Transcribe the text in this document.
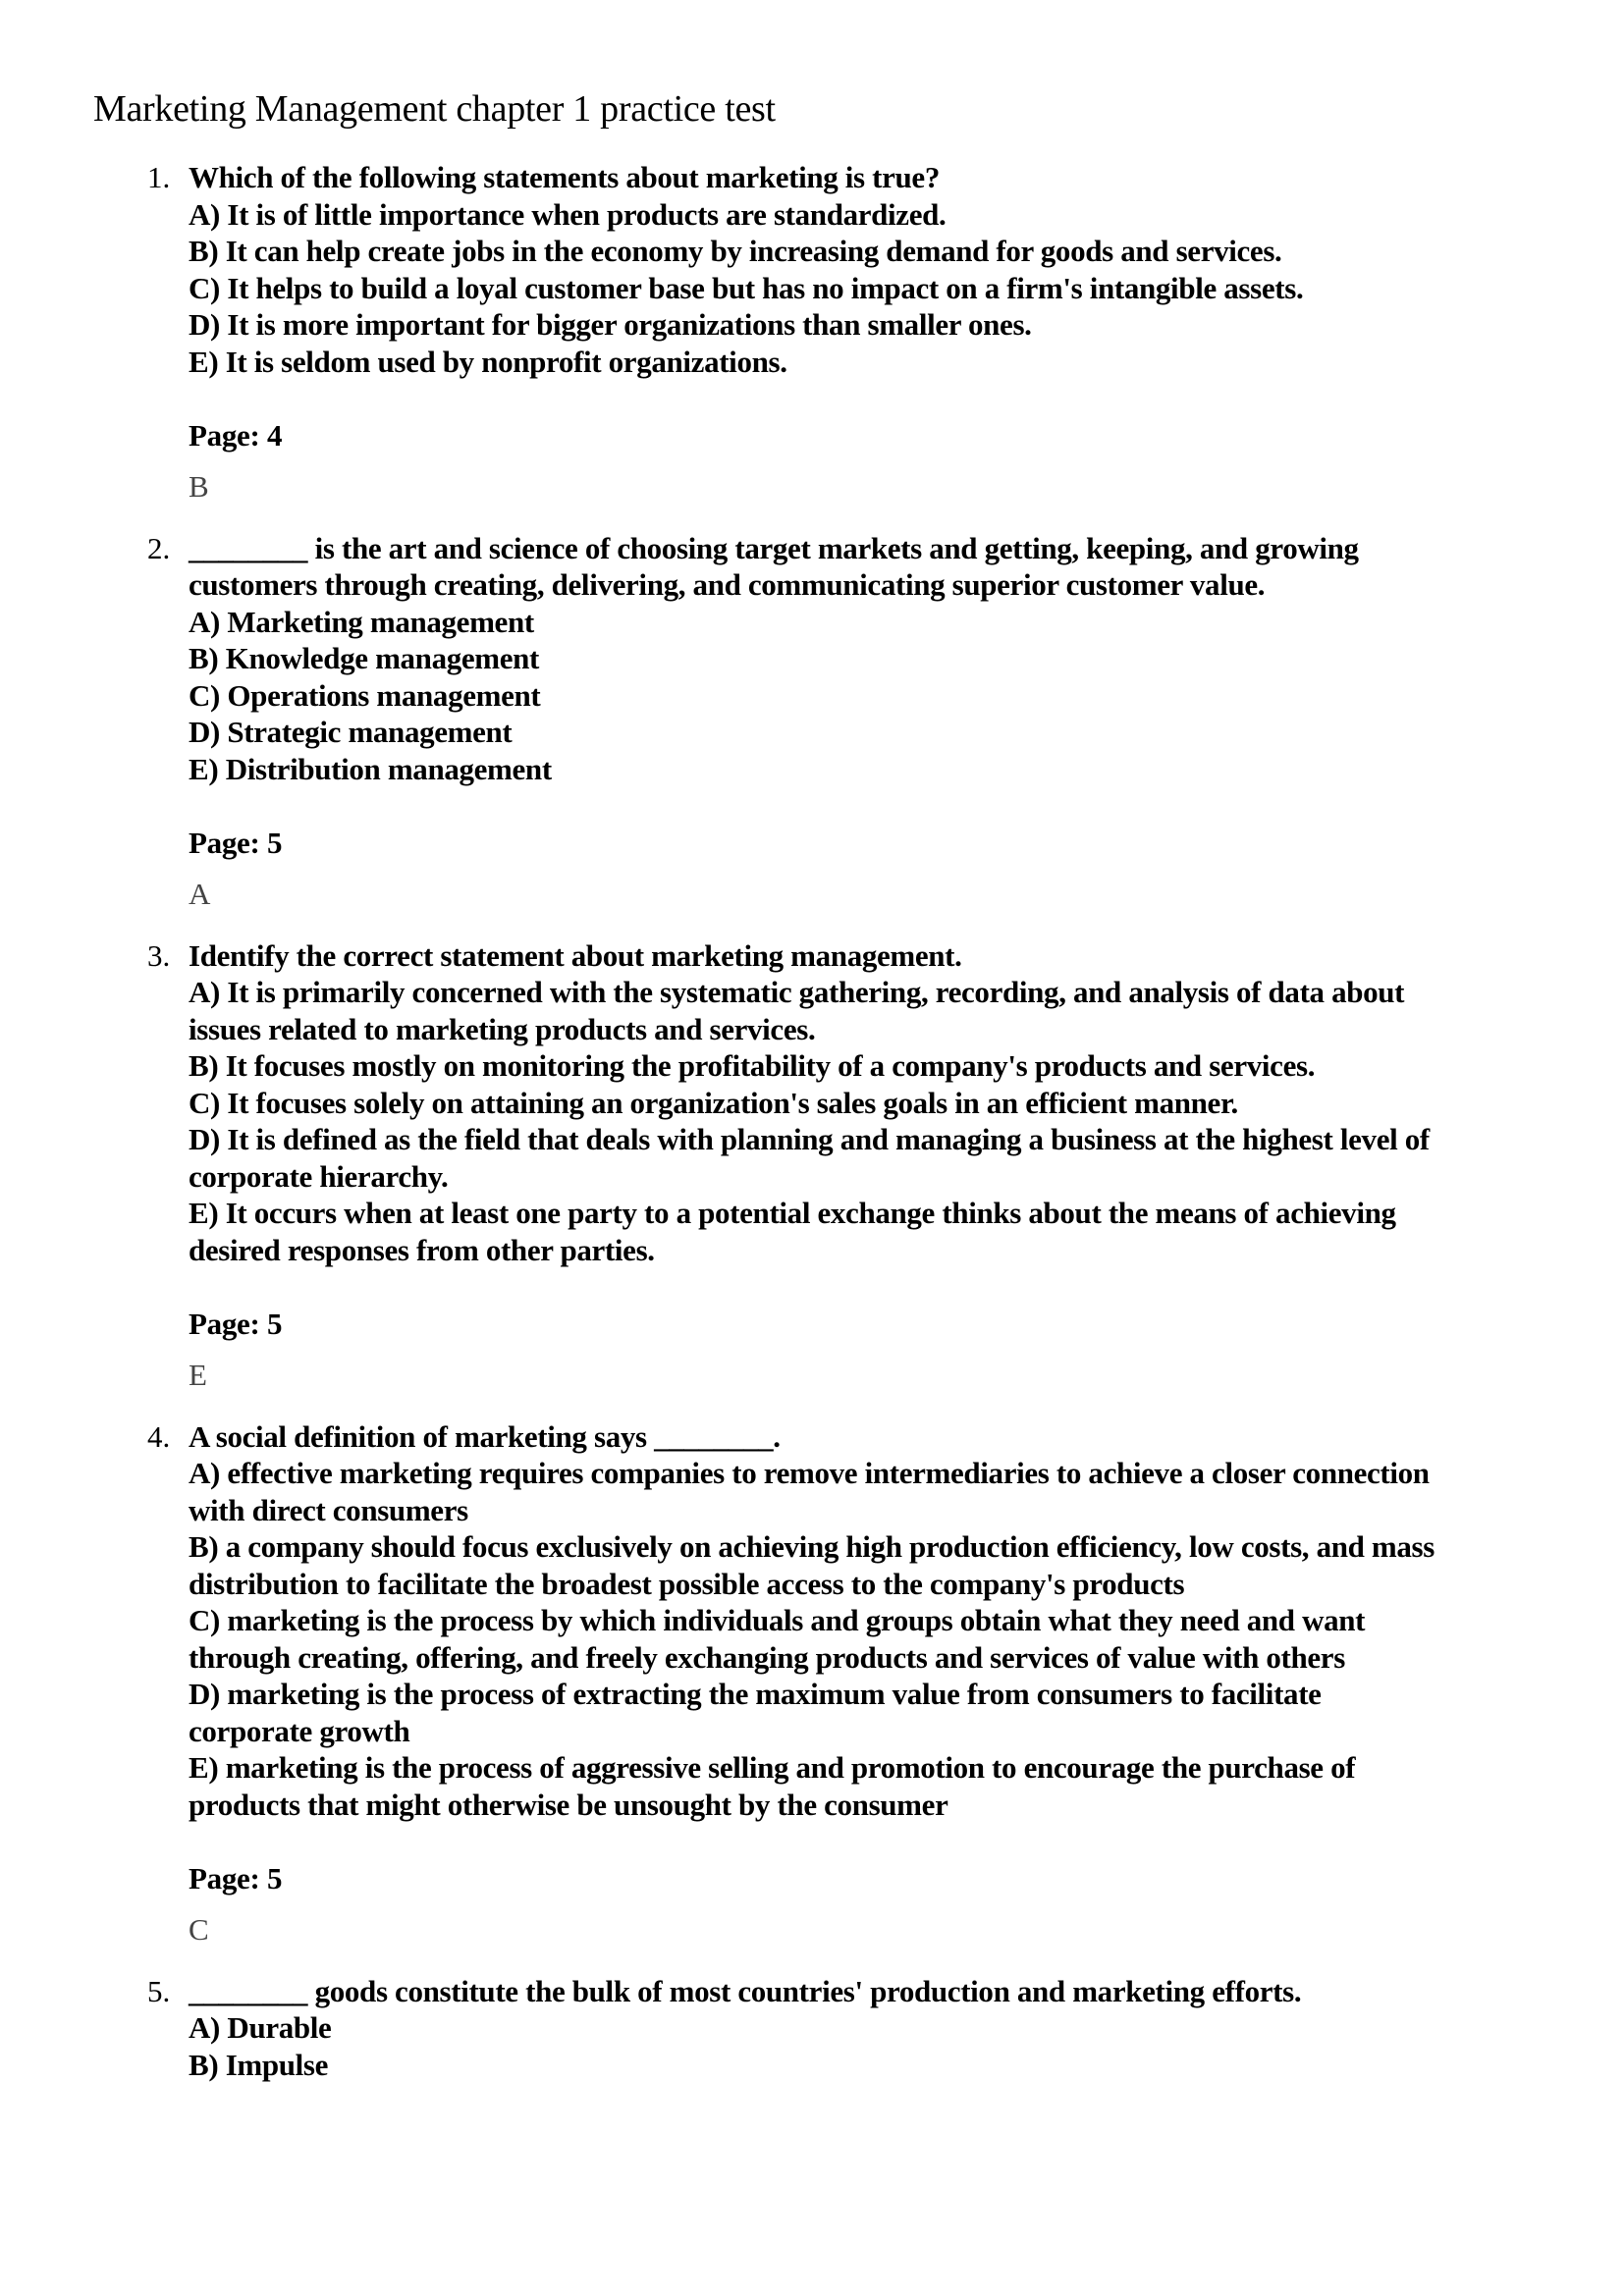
Marketing Management chapter 1 practice test
1. Which of the following statements about marketing is true?
A) It is of little importance when products are standardized.
B) It can help create jobs in the economy by increasing demand for goods and services.
C) It helps to build a loyal customer base but has no impact on a firm's intangible assets.
D) It is more important for bigger organizations than smaller ones.
E) It is seldom used by nonprofit organizations.
Page: 4
B
2. ________ is the art and science of choosing target markets and getting, keeping, and growing
customers through creating, delivering, and communicating superior customer value.
A) Marketing management
B) Knowledge management
C) Operations management
D) Strategic management
E) Distribution management
Page: 5
A
3. Identify the correct statement about marketing management.
A) It is primarily concerned with the systematic gathering, recording, and analysis of data about
issues related to marketing products and services.
B) It focuses mostly on monitoring the profitability of a company's products and services.
C) It focuses solely on attaining an organization's sales goals in an efficient manner.
D) It is defined as the field that deals with planning and managing a business at the highest level of
corporate hierarchy.
E) It occurs when at least one party to a potential exchange thinks about the means of achieving
desired responses from other parties.
Page: 5
E
4. A social definition of marketing says ________.
A) effective marketing requires companies to remove intermediaries to achieve a closer connection
with direct consumers
B) a company should focus exclusively on achieving high production efficiency, low costs, and mass
distribution to facilitate the broadest possible access to the company's products
C) marketing is the process by which individuals and groups obtain what they need and want
through creating, offering, and freely exchanging products and services of value with others
D) marketing is the process of extracting the maximum value from consumers to facilitate
corporate growth
E) marketing is the process of aggressive selling and promotion to encourage the purchase of
products that might otherwise be unsought by the consumer
Page: 5
C
5. ________ goods constitute the bulk of most countries' production and marketing efforts.
A) Durable
B) Impulse
